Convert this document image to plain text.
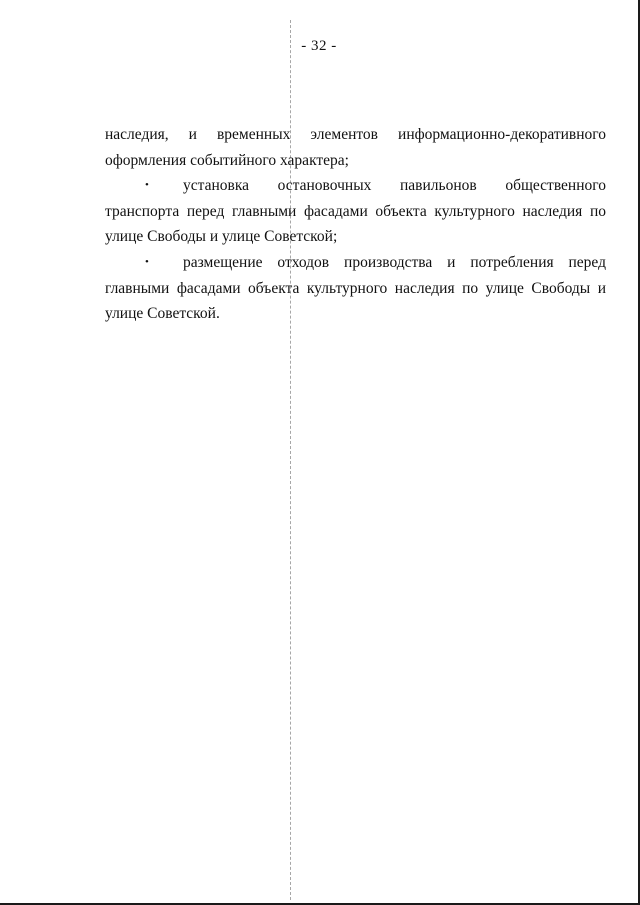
- 32 -

наследия, и временных элементов информационно-декоративного оформления событийного характера;

• установка остановочных павильонов общественного транспорта перед главными фасадами объекта культурного наследия по улице Свободы и улице Советской;

• размещение отходов производства и потребления перед главными фасадами объекта культурного наследия по улице Свободы и улице Советской.
